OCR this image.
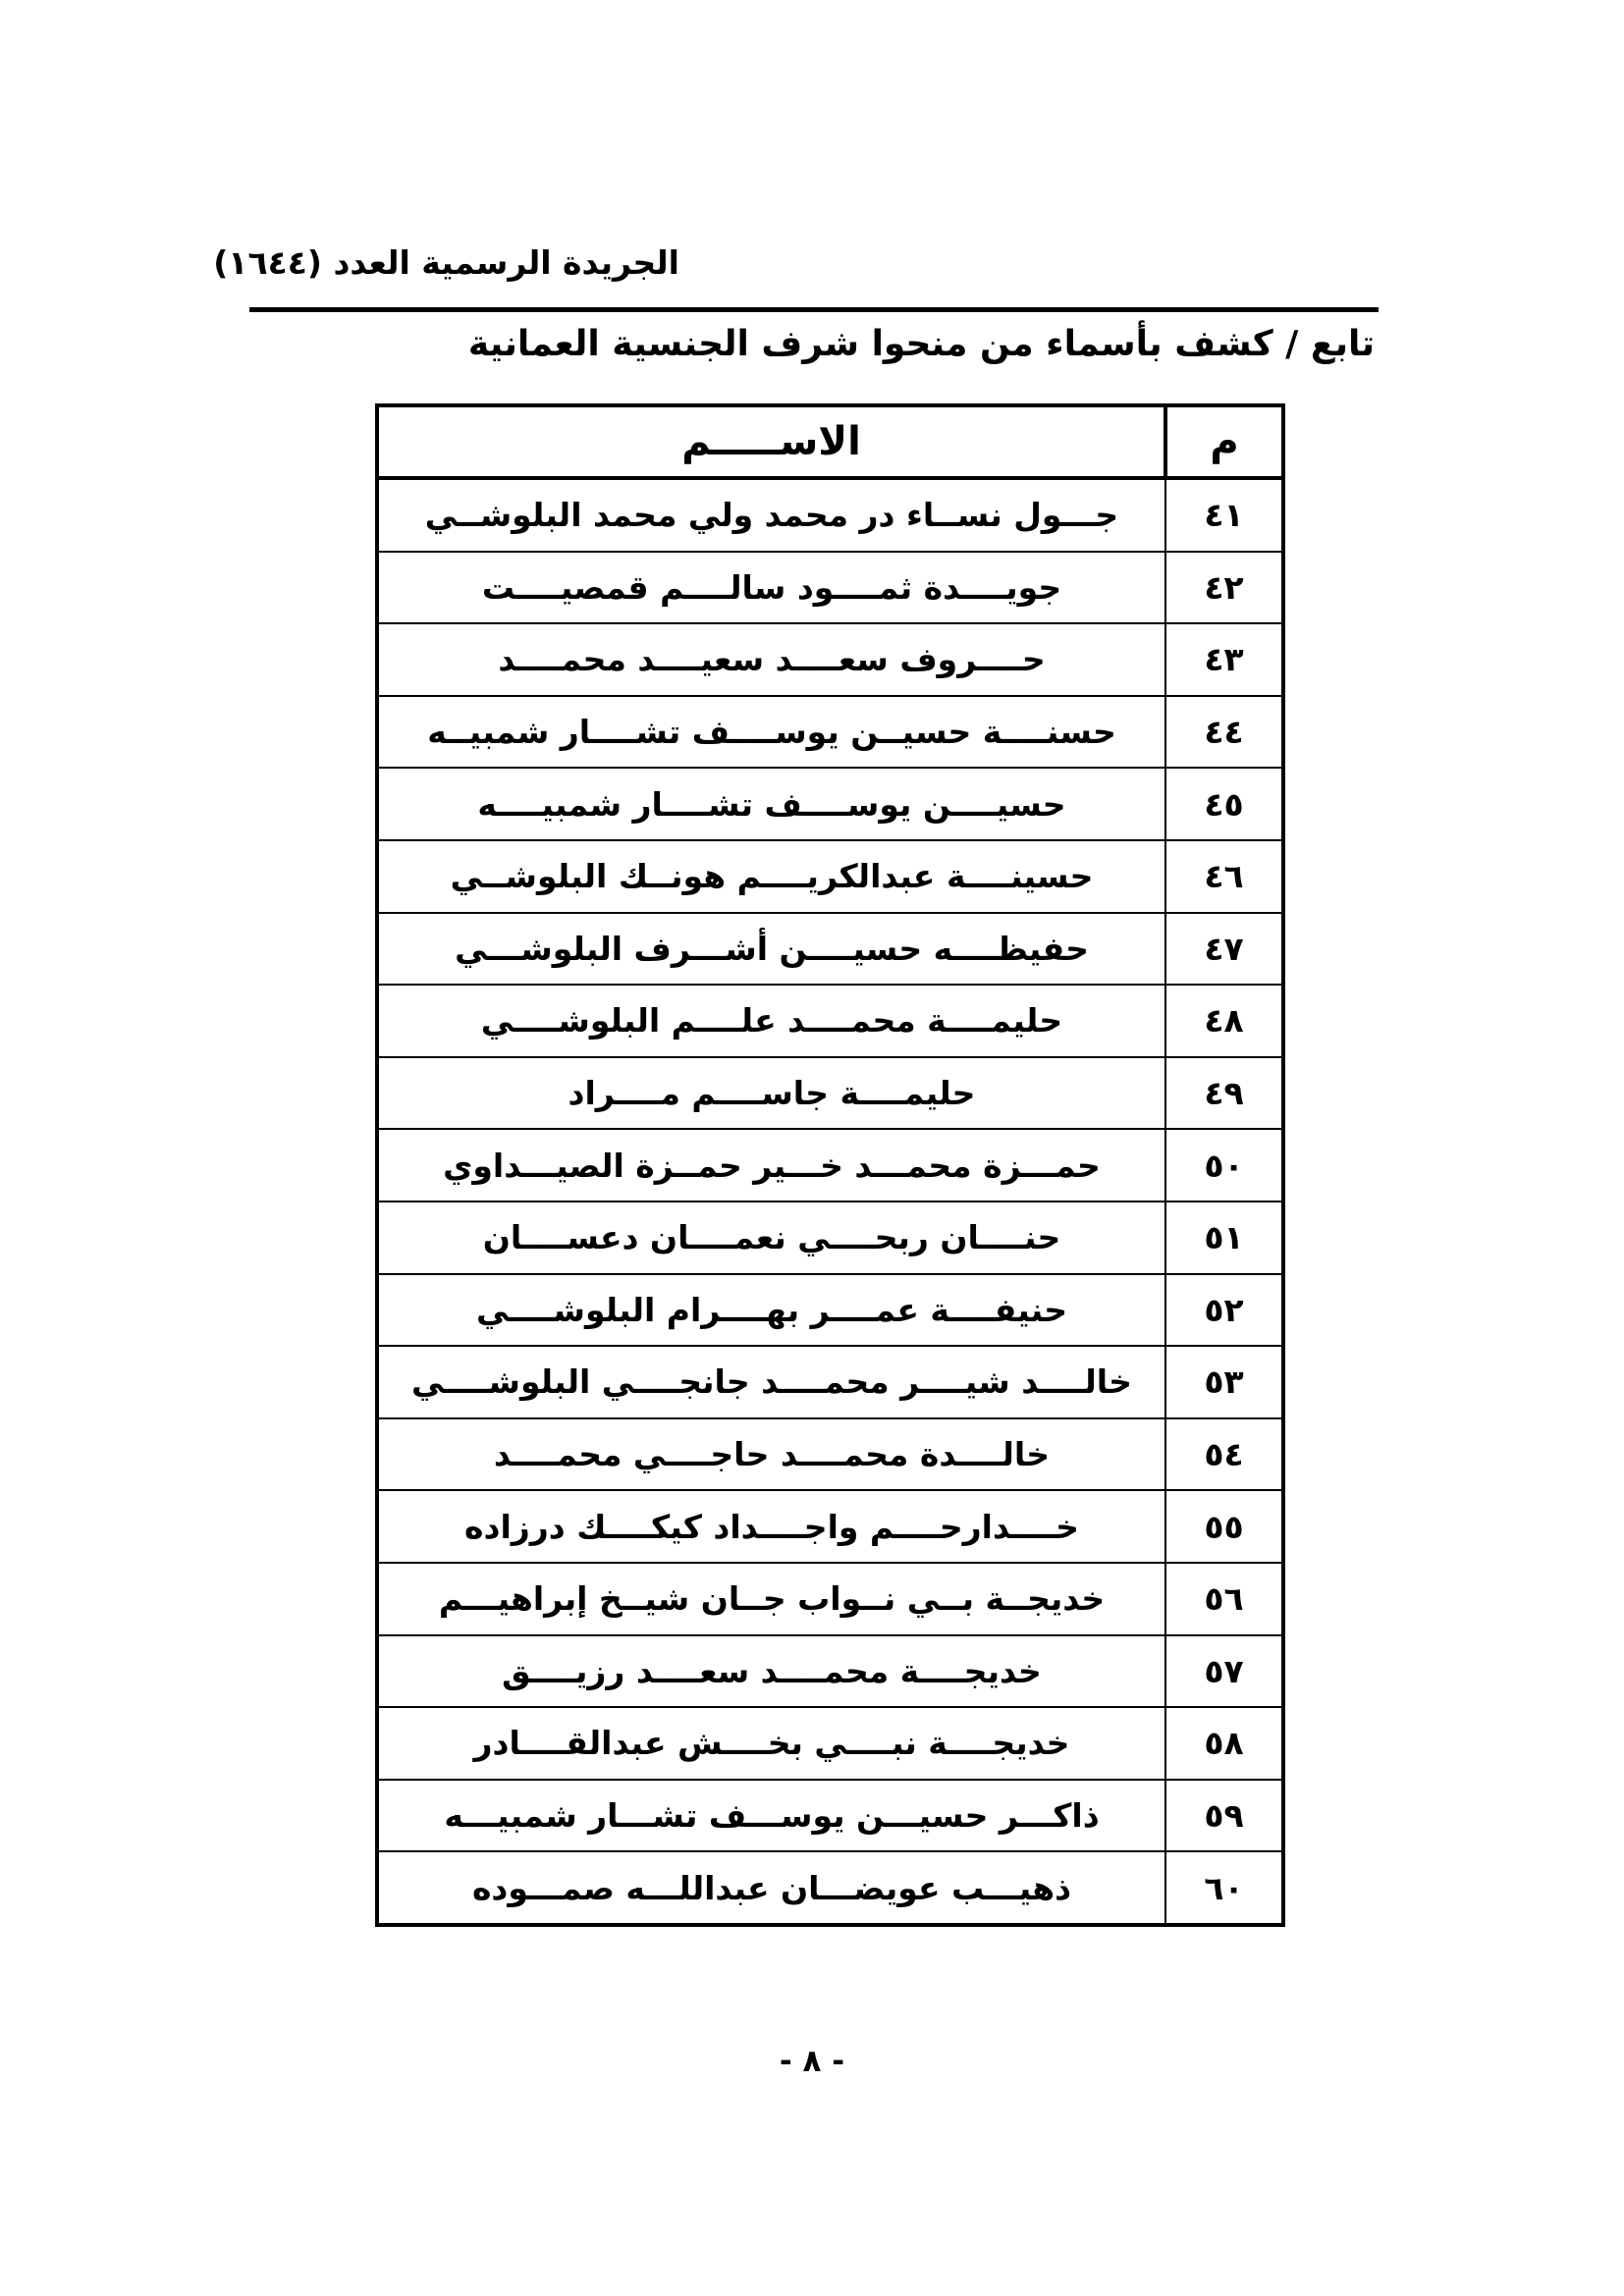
الجريدة الرسمية العدد (١٦٤٤)
تابع / كشف بأسماء من منحوا شرف الجنسية العمانية
م	الاســـــم
٤١	جـــول نســاء در محمد ولي محمد البلوشــي
٤٢	جويــــدة ثمــــود سالــــم قمصيــــت
٤٣	حــــروف سعــــد سعيــــد محمــــد
٤٤	حسنــــة حسيــن يوســــف تشــــار شمبيــه
٤٥	حسيــــن يوســــف تشــــار شمبيــــه
٤٦	حسينــــة عبدالكريــــم هونــك البلوشــي
٤٧	حفيظــــه حسيــــن أشـــرف البلوشـــي
٤٨	حليمــــة محمــــد علــــم البلوشــــي
٤٩	حليمــــة جاســــم مــــراد
٥٠	حمـــزة محمـــد خـــير حمــزة الصيـــداوي
٥١	حنــــان ربحــــي نعمــــان دعســــان
٥٢	حنيفــــة عمــــر بهــــرام البلوشــــي
٥٣	خالــــد شيــــر محمــــد جانجــــي البلوشــــي
٥٤	خالــــدة محمــــد حاجــــي محمــــد
٥٥	خــــدارحــــم واجــــداد كيكــــك درزاده
٥٦	خديجــة بــي نــواب جــان شيــخ إبراهيـــم
٥٧	خديجــــة محمــــد سعــــد رزيــــق
٥٨	خديجــــة نبــــي بخــــش عبدالقــــادر
٥٩	ذاكـــر حسيـــن يوســـف تشـــار شمبيـــه
٦٠	ذهيـــب عويضـــان عبداللـــه صمـــوده
- ٨ -
